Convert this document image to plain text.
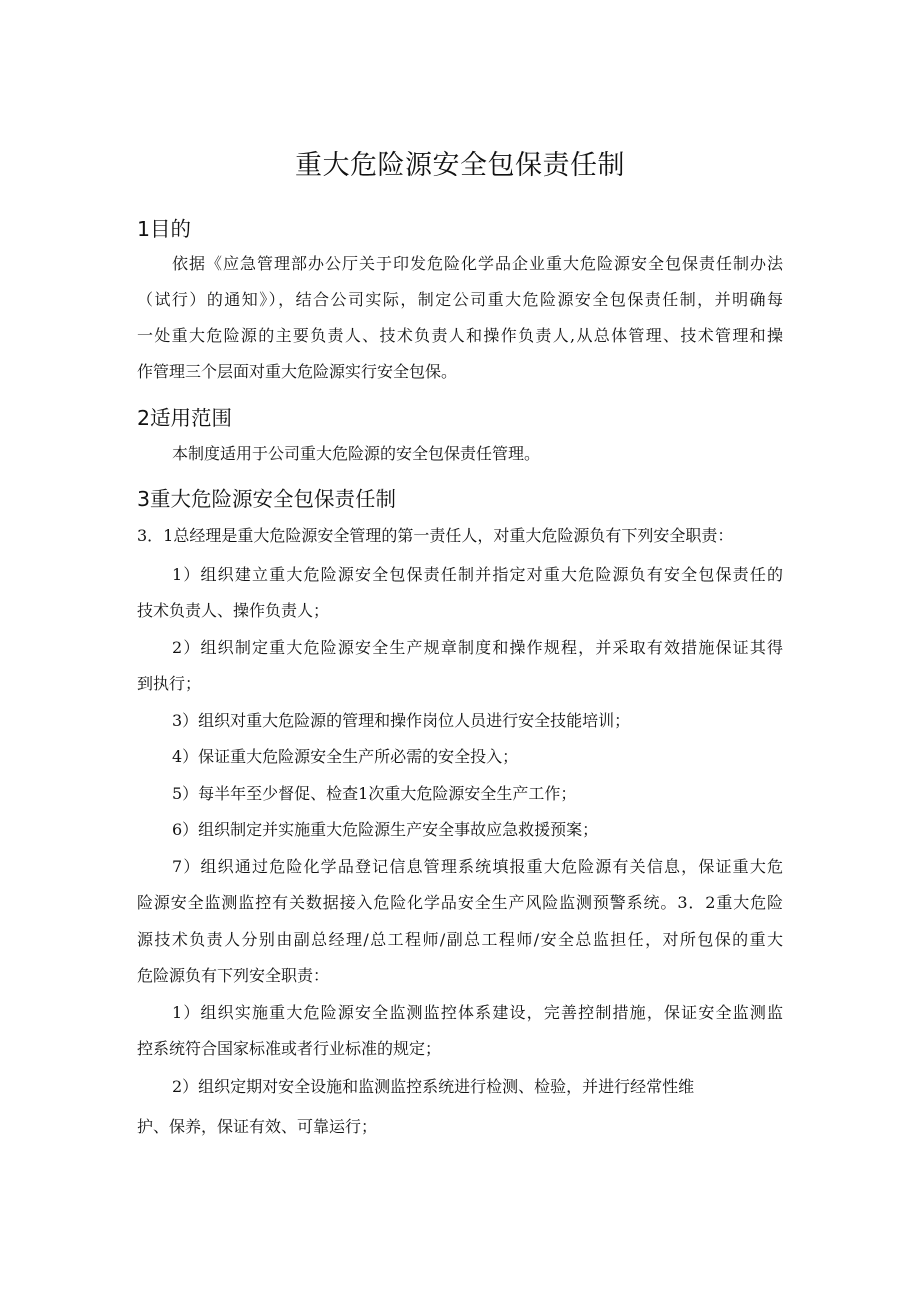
重大危险源安全包保责任制
1目的
依据《应急管理部办公厅关于印发危险化学品企业重大危险源安全包保责任制办法
（试行）的通知》），结合公司实际，制定公司重大危险源安全包保责任制，并明确每
一处重大危险源的主要负责人、技术负责人和操作负责人,从总体管理、技术管理和操
作管理三个层面对重大危险源实行安全包保。
2适用范围
本制度适用于公司重大危险源的安全包保责任管理。
3重大危险源安全包保责任制
3．1总经理是重大危险源安全管理的第一责任人，对重大危险源负有下列安全职责：
1）组织建立重大危险源安全包保责任制并指定对重大危险源负有安全包保责任的
技术负责人、操作负责人；
2）组织制定重大危险源安全生产规章制度和操作规程，并采取有效措施保证其得
到执行；
3）组织对重大危险源的管理和操作岗位人员进行安全技能培训；
4）保证重大危险源安全生产所必需的安全投入；
5）每半年至少督促、检查1次重大危险源安全生产工作；
6）组织制定并实施重大危险源生产安全事故应急救援预案；
7）组织通过危险化学品登记信息管理系统填报重大危险源有关信息，保证重大危
险源安全监测监控有关数据接入危险化学品安全生产风险监测预警系统。3．2重大危险
源技术负责人分别由副总经理/总工程师/副总工程师/安全总监担任，对所包保的重大
危险源负有下列安全职责：
1）组织实施重大危险源安全监测监控体系建设，完善控制措施，保证安全监测监
控系统符合国家标准或者行业标准的规定；
2）组织定期对安全设施和监测监控系统进行检测、检验，并进行经常性维
护、保养，保证有效、可靠运行；
